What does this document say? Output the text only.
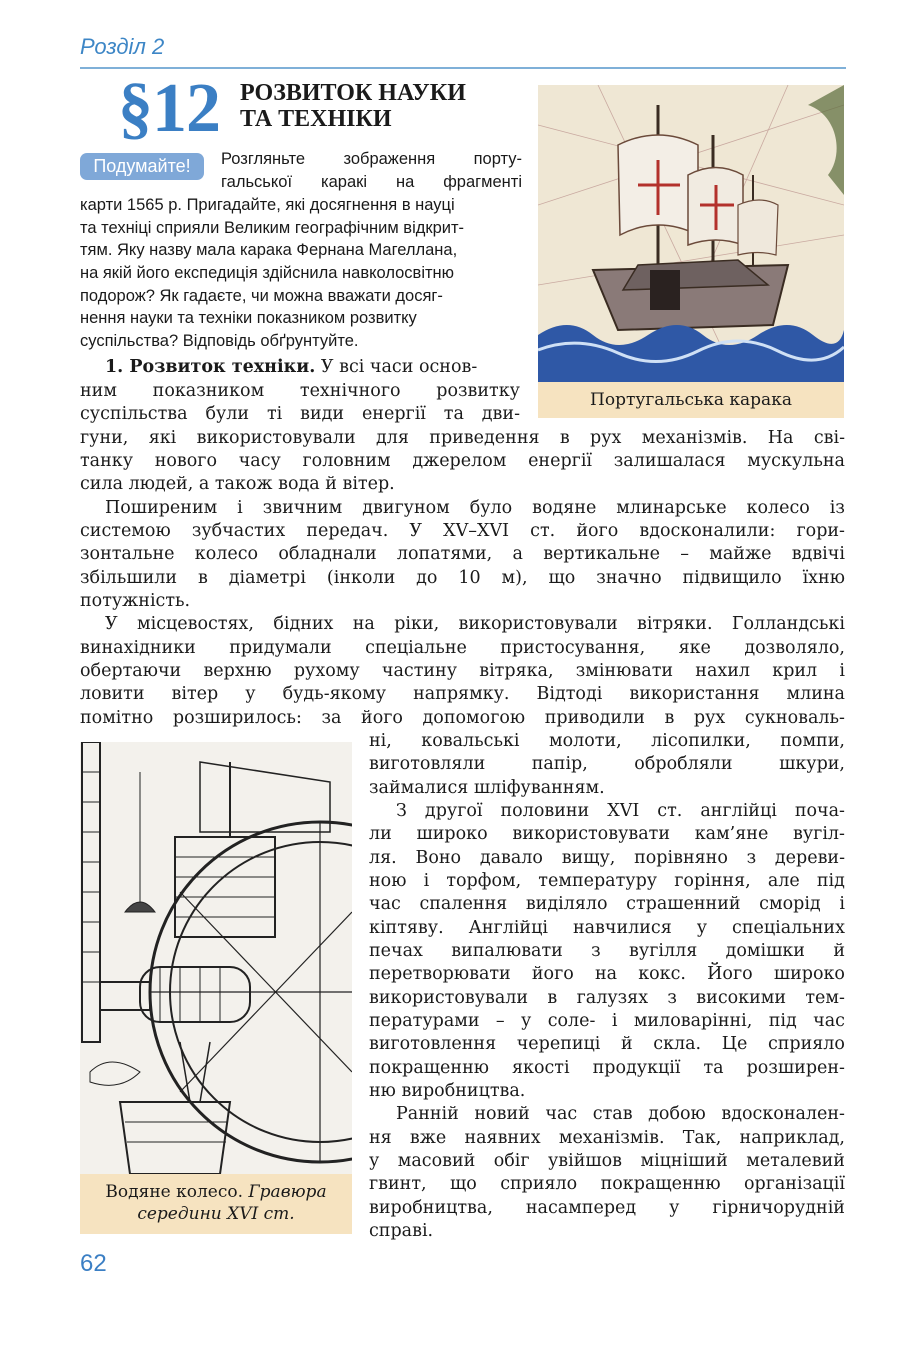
Розділ 2
§12 РОЗВИТОК НАУКИ
ТА ТЕХНІКИ
Португальська карака
Подумайте!	Розгляньте зображення порту-
гальської каракі на фрагменті
карти 1565 р. Пригадайте, які досягнення в науці
та техніці сприяли Великим географічним відкрит-
тям. Яку назву мала карака Фернана Магеллана,
на якій його експедиція здійснила навколосвітню
подорож? Як гадаєте, чи можна вважати досяг-
нення науки та техніки показником розвитку
суспільства? Відповідь обґрунтуйте.
1. Розвиток техніки. У всі часи основ-
ним показником технічного розвитку
суспільства були ті види енергії та дви-
гуни, які використовували для приведення в рух механізмів. На сві-
танку нового часу головним джерелом енергії залишалася мускульна
сила людей, а також вода й вітер.
Поширеним і звичним двигуном було водяне млинарське колесо із
системою зубчастих передач. У XV–XVI ст. його вдосконалили: гори-
зонтальне колесо обладнали лопатями, а вертикальне – майже вдвічі
збільшили в діаметрі (інколи до 10 м), що значно підвищило їхню
потужність.
У місцевостях, бідних на ріки, використовували вітряки. Голландські
винахідники придумали спеціальне пристосування, яке дозволяло,
обертаючи верхню рухому частину вітряка, змінювати нахил крил і
ловити вітер у будь-якому напрямку. Відтоді використання млина
помітно розширилось: за його допомогою приводили в рух сукноваль-
Водяне колесо. Гравюра
середини XVI ст.
ні, ковальські молоти, лісопилки, помпи,
виготовляли	папір,	обробляли	шкури,
займалися шліфуванням.
З другої половини XVI ст. англійці поча-
ли широко використовувати кам’яне вугіл-
ля. Воно давало вищу, порівняно з дереви-
ною і торфом, температуру горіння, але під
час спалення виділяло страшенний сморід і
кіптяву. Англійці навчилися у спеціальних
печах випалювати з вугілля домішки й
перетворювати його на кокс. Його широко
використовували в галузях з високими тем-
пературами – у соле- і миловарінні, під час
виготовлення черепиці й скла. Це сприяло
покращенню якості продукції та розширен-
ню виробництва.
Ранній новий час став добою вдосконален-
ня вже наявних механізмів. Так, наприклад,
у масовий обіг увійшов міцніший металевий
гвинт, що сприяло покращенню організації
виробництва, насамперед у гірничорудній
справі.
62
